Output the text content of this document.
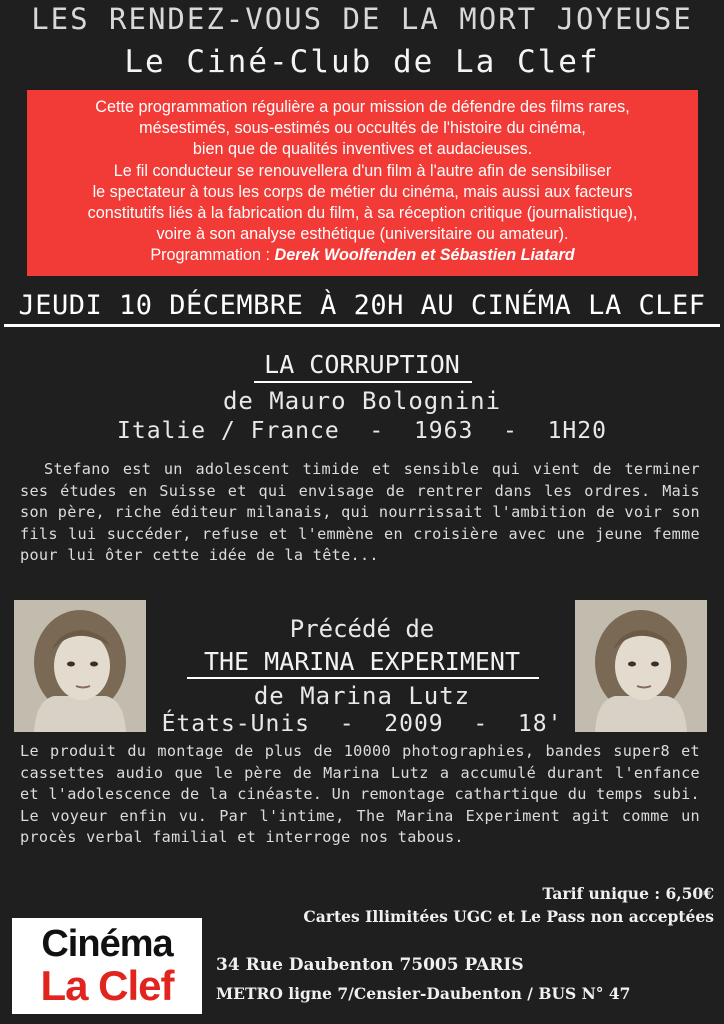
LES RENDEZ-VOUS DE LA MORT JOYEUSE
Le Ciné-Club de La Clef

Cette programmation régulière a pour mission de défendre des films rares,

mésestimés, sous-estimés ou occultés de l'histoire du cinéma,

bien que de qualités inventives et audacieuses.

Le fil conducteur se renouvellera d'un film à l'autre afin de sensibiliser

le spectateur à tous les corps de métier du cinéma, mais aussi aux facteurs

constitutifs liés à la fabrication du film, à sa réception critique (journalistique),

voire à son analyse esthétique (universitaire ou amateur).

Programmation : Derek Woolfenden et Sébastien Liatard

JEUDI 10 DÉCEMBRE À 20H AU CINÉMA LA CLEF
LA CORRUPTION
de Mauro Bolognini
Italie / France  -  1963  -  1H20
Stefano est un adolescent timide et sensible qui vient de terminer ses études en Suisse et qui envisage de rentrer dans les ordres. Mais son père, riche éditeur milanais, qui nourrissait l'ambition de voir son fils lui succéder, refuse et l'emmène en croisière avec une jeune femme pour lui ôter cette idée de la tête...
Précédé de
THE MARINA EXPERIMENT
de Marina Lutz
États-Unis  -  2009  -  18'
Le produit du montage de plus de 10000 photographies, bandes super8 et cassettes audio que le père de Marina Lutz a accumulé durant l'enfance et l'adolescence de la cinéaste. Un remontage cathartique du temps subi. Le voyeur enfin vu. Par l'intime, The Marina Experiment agit comme un procès verbal familial et interroge nos tabous.
Tarif unique : 6,50€
Cartes Illimitées UGC et Le Pass non acceptées
Cinéma
La Clef	34 Rue Daubenton 75005 PARIS
METRO ligne 7/Censier-Daubenton / BUS N° 47
